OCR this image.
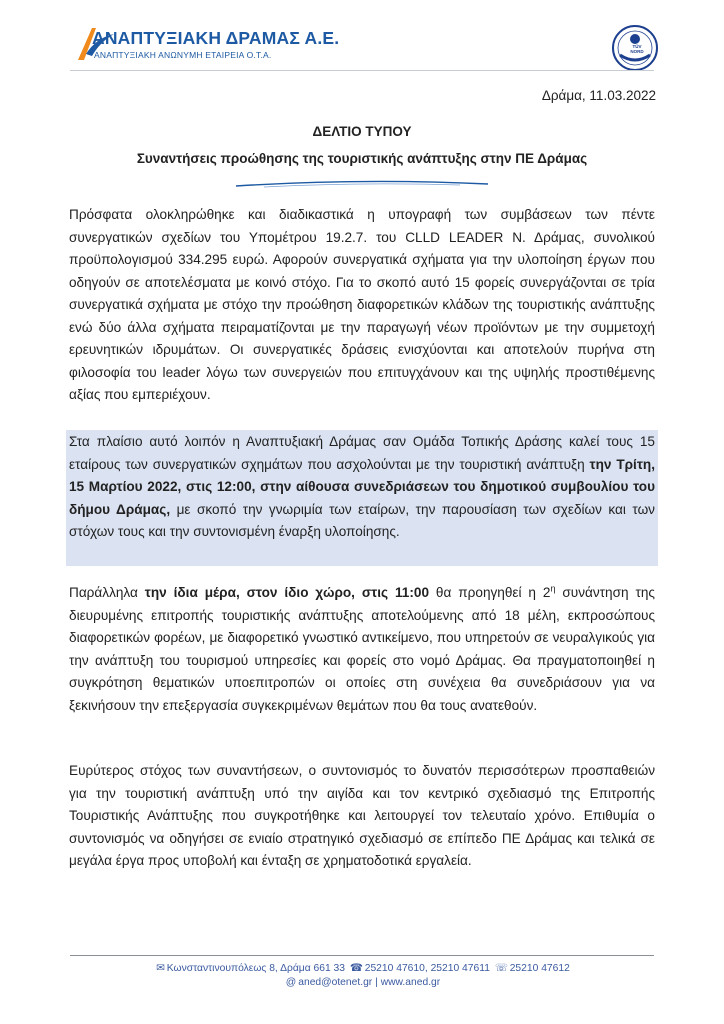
ΑΝΑΠΤΥΞΙΑΚΗ ΔΡΑΜΑΣ Α.Ε.
ΑΝΑΠΤΥΞΙΑΚΗ ΑΝΩΝΥΜΗ ΕΤΑΙΡΕΙΑ Ο.Τ.Α.
TÜV NORD
Δράμα, 11.03.2022
ΔΕΛΤΙΟ ΤΥΠΟΥ
Συναντήσεις προώθησης της τουριστικής ανάπτυξης στην ΠΕ Δράμας

Πρόσφατα ολοκληρώθηκε και διαδικαστικά η υπογραφή των συμβάσεων των πέντε συνεργατικών σχεδίων του Υπομέτρου 19.2.7. του CLLD LEADER Ν. Δράμας, συνολικού προϋπολογισμού 334.295 ευρώ. Αφορούν συνεργατικά σχήματα για την υλοποίηση έργων που οδηγούν σε αποτελέσματα με κοινό στόχο. Για το σκοπό αυτό 15 φορείς συνεργάζονται σε τρία συνεργατικά σχήματα με στόχο την προώθηση διαφορετικών κλάδων της τουριστικής ανάπτυξης ενώ δύο άλλα σχήματα πειραματίζονται με την παραγωγή νέων προϊόντων με την συμμετοχή ερευνητικών ιδρυμάτων. Οι συνεργατικές δράσεις ενισχύονται και αποτελούν πυρήνα στη φιλοσοφία του leader λόγω των συνεργειών που επιτυγχάνουν και της υψηλής προστιθέμενης αξίας που εμπεριέχουν.

Στα πλαίσιο αυτό λοιπόν η Αναπτυξιακή Δράμας σαν Ομάδα Τοπικής Δράσης καλεί τους 15 εταίρους των συνεργατικών σχημάτων που ασχολούνται με την τουριστική ανάπτυξη την Τρίτη, 15 Μαρτίου 2022, στις 12:00, στην αίθουσα συνεδριάσεων του δημοτικού συμβουλίου του δήμου Δράμας, με σκοπό την γνωριμία των εταίρων, την παρουσίαση των σχεδίων και των στόχων τους και την συντονισμένη έναρξη υλοποίησης.

Παράλληλα την ίδια μέρα, στον ίδιο χώρο, στις 11:00 θα προηγηθεί η $2^\eta$ συνάντηση της διευρυμένης επιτροπής τουριστικής ανάπτυξης αποτελούμενης από 18 μέλη, εκπροσώπους διαφορετικών φορέων, με διαφορετικό γνωστικό αντικείμενο, που υπηρετούν σε νευραλγικούς για την ανάπτυξη του τουρισμού υπηρεσίες και φορείς στο νομό Δράμας. Θα πραγματοποιηθεί η συγκρότηση θεματικών υποεπιτροπών οι οποίες στη συνέχεια θα συνεδριάσουν για να ξεκινήσουν την επεξεργασία συγκεκριμένων θεμάτων που θα τους ανατεθούν.

Ευρύτερος στόχος των συναντήσεων, ο συντονισμός το δυνατόν περισσότερων προσπαθειών για την τουριστική ανάπτυξη υπό την αιγίδα και τον κεντρικό σχεδιασμό της Επιτροπής Τουριστικής Ανάπτυξης που συγκροτήθηκε και λειτουργεί τον τελευταίο χρόνο. Επιθυμία ο συντονισμός να οδηγήσει σε ενιαίο στρατηγικό σχεδιασμό σε επίπεδο ΠΕ Δράμας και τελικά σε μεγάλα έργα προς υποβολή και ένταξη σε χρηματοδοτικά εργαλεία.

✉ Κωνσταντινουπόλεως 8, Δράμα 661 33 ☎ 25210 47610, 25210 47611 ☏ 25210 47612
@ aned@otenet.gr | www.aned.gr
